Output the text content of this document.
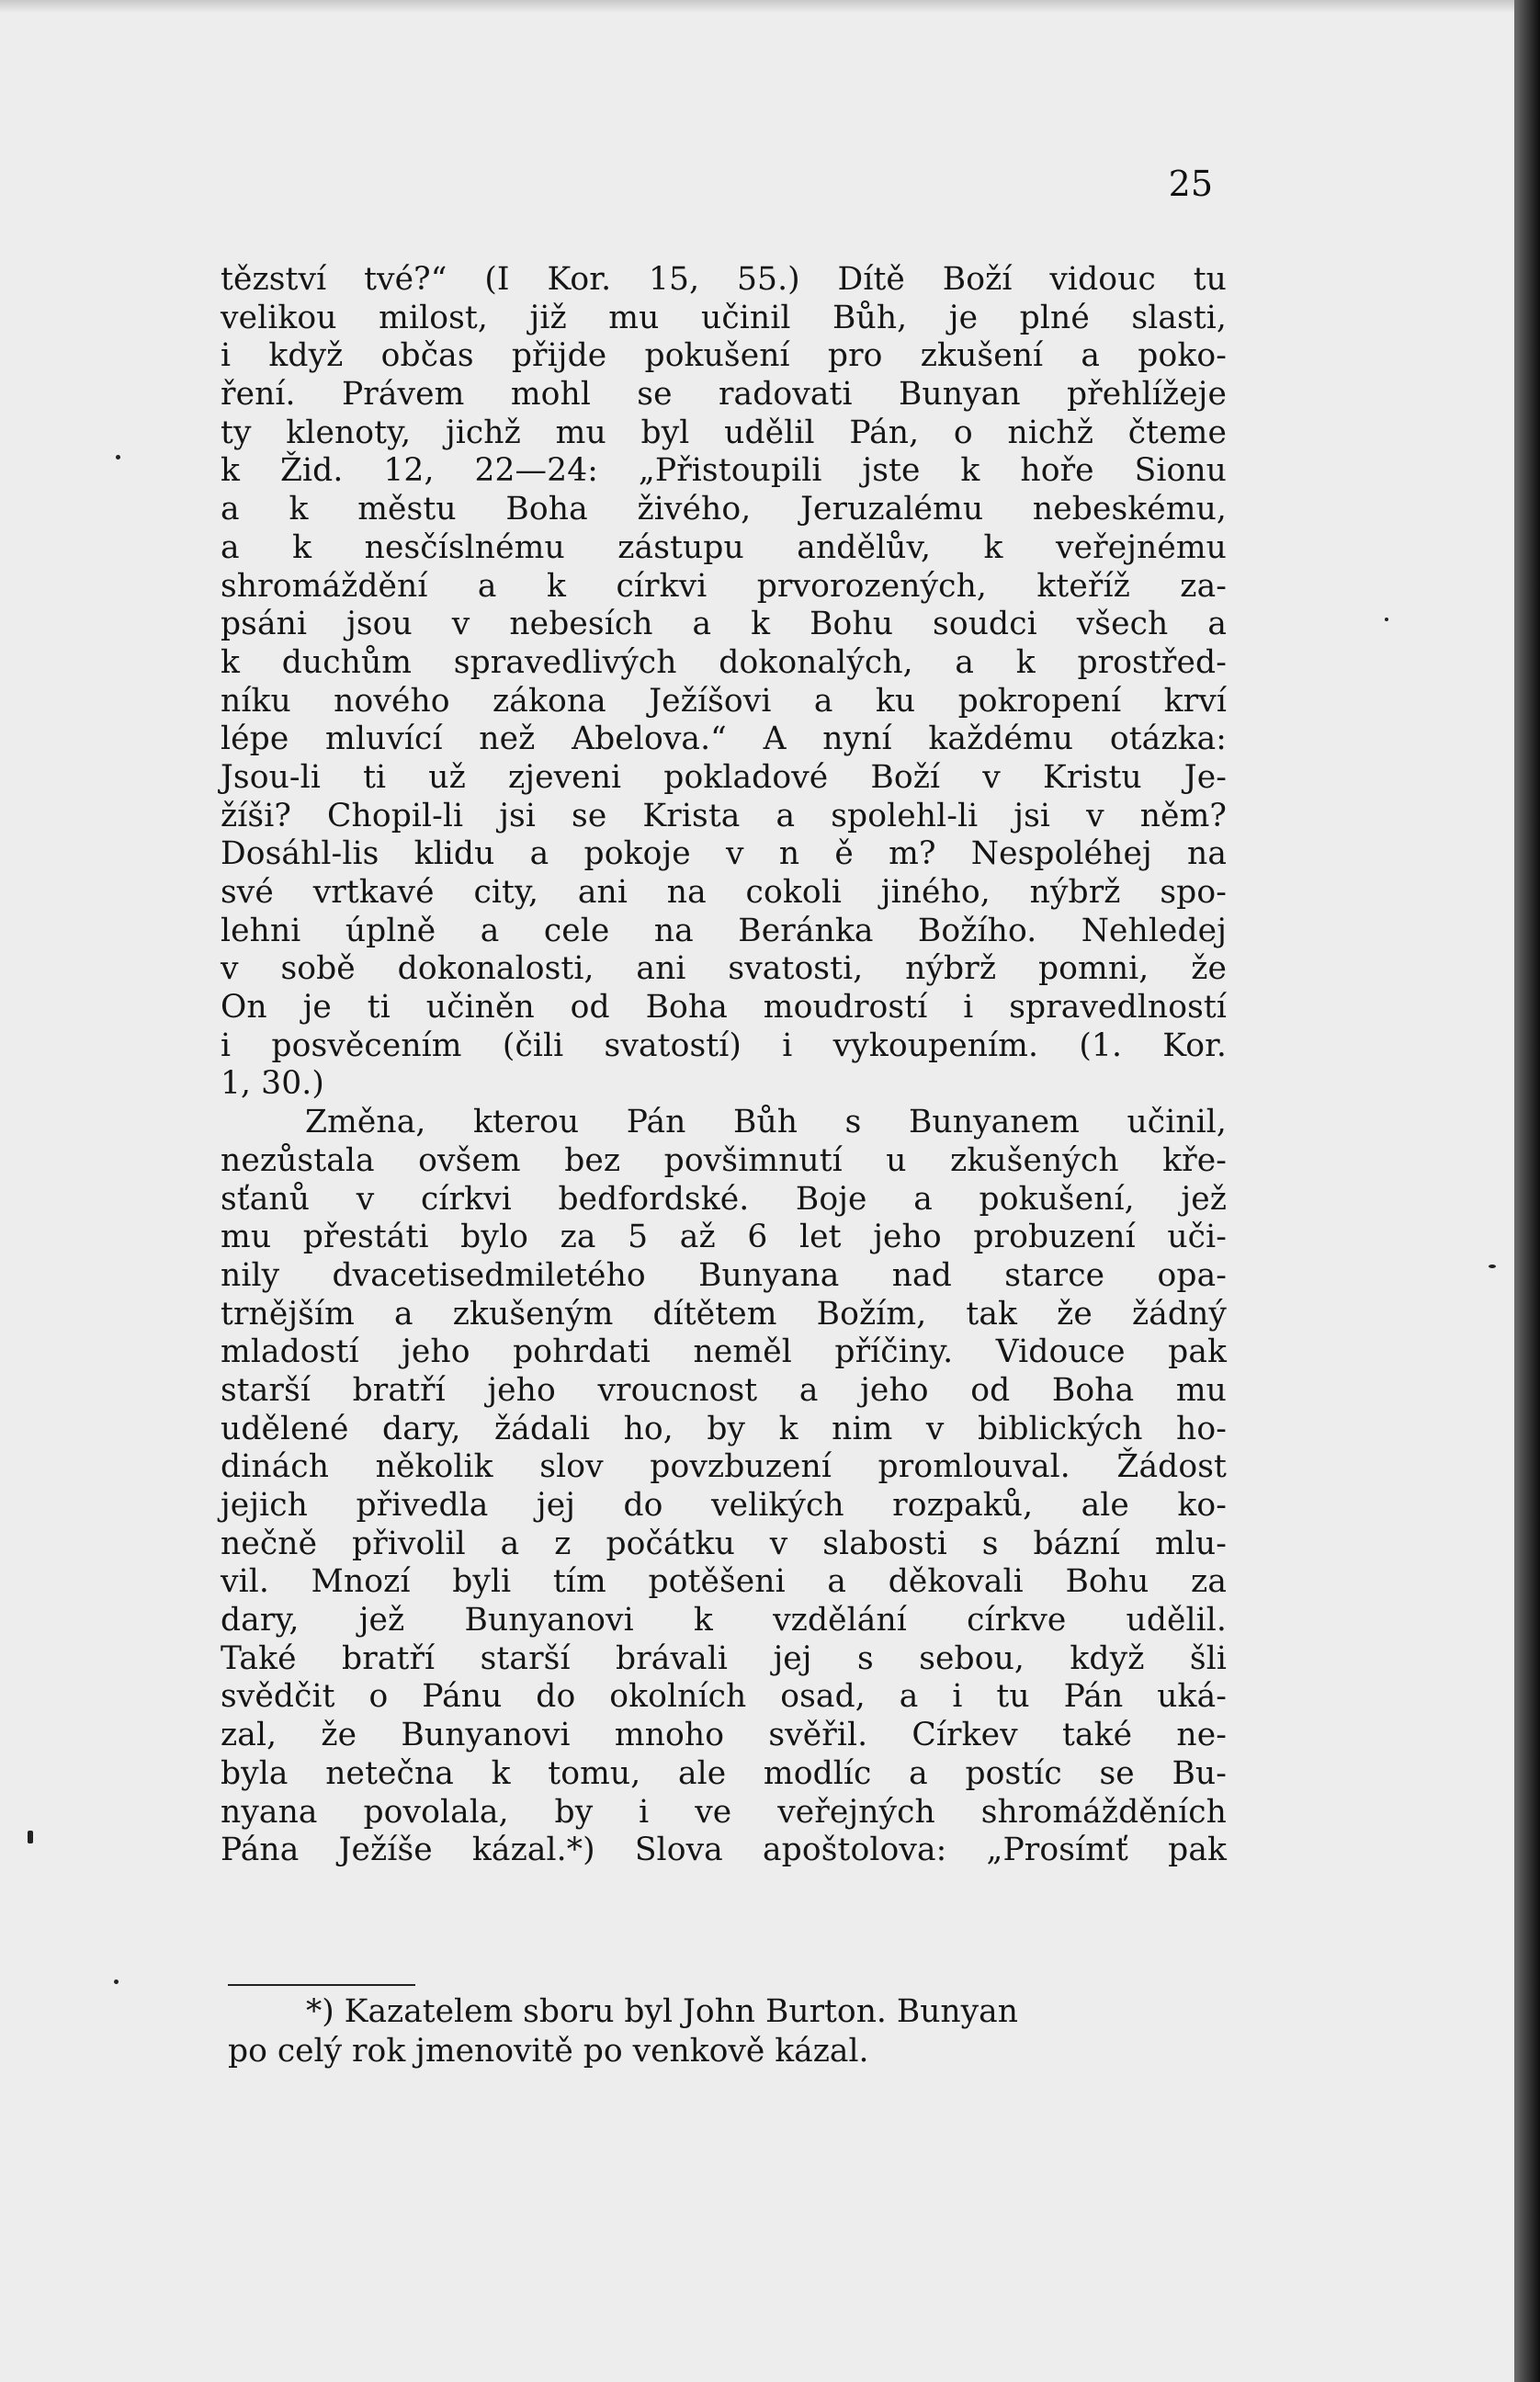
25
tězství tvé?“ (I Kor. 15, 55.) Dítě Boží vidouc tu
velikou milost, již mu učinil Bůh, je plné slasti,
i když občas přijde pokušení pro zkušení a poko-
ření. Právem mohl se radovati Bunyan přehlížeje
ty klenoty, jichž mu byl udělil Pán, o nichž čteme
k Žid. 12, 22—24: „Přistoupili jste k hoře Sionu
a k městu Boha živého, Jeruzalému nebeskému,
a k nesčíslnému zástupu andělův, k veřejnému
shromáždění a k církvi prvorozených, kteříž za-
psáni jsou v nebesích a k Bohu soudci všech a
k duchům spravedlivých dokonalých, a k prostřed-
níku nového zákona Ježíšovi a ku pokropení krví
lépe mluvící než Abelova.“ A nyní každému otázka:
Jsou-li ti už zjeveni pokladové Boží v Kristu Je-
žíši? Chopil-li jsi se Krista a spolehl-li jsi v něm?
Dosáhl-lis klidu a pokoje v n ě m? Nespoléhej na
své vrtkavé city, ani na cokoli jiného, nýbrž spo-
lehni úplně a cele na Beránka Božího. Nehledej
v sobě dokonalosti, ani svatosti, nýbrž pomni, že
On je ti učiněn od Boha moudrostí i spravedlností
i posvěcením (čili svatostí) i vykoupením. (1. Kor.
1, 30.)
Změna, kterou Pán Bůh s Bunyanem učinil,
nezůstala ovšem bez povšimnutí u zkušených kře-
sťanů v církvi bedfordské. Boje a pokušení, jež
mu přestáti bylo za 5 až 6 let jeho probuzení uči-
nily dvacetisedmiletého Bunyana nad starce opa-
trnějším a zkušeným dítětem Božím, tak že žádný
mladostí jeho pohrdati neměl příčiny. Vidouce pak
starší bratří jeho vroucnost a jeho od Boha mu
udělené dary, žádali ho, by k nim v biblických ho-
dinách několik slov povzbuzení promlouval. Žádost
jejich přivedla jej do velikých rozpaků, ale ko-
nečně přivolil a z počátku v slabosti s bázní mlu-
vil. Mnozí byli tím potěšeni a děkovali Bohu za
dary, jež Bunyanovi k vzdělání církve udělil.
Také bratří starší brávali jej s sebou, když šli
svědčit o Pánu do okolních osad, a i tu Pán uká-
zal, že Bunyanovi mnoho svěřil. Církev také ne-
byla netečna k tomu, ale modlíc a postíc se Bu-
nyana povolala, by i ve veřejných shromážděních
Pána Ježíše kázal.*) Slova apoštolova: „Prosímť pak
*) Kazatelem sboru byl John Burton. Bunyan
po celý rok jmenovitě po venkově kázal.
